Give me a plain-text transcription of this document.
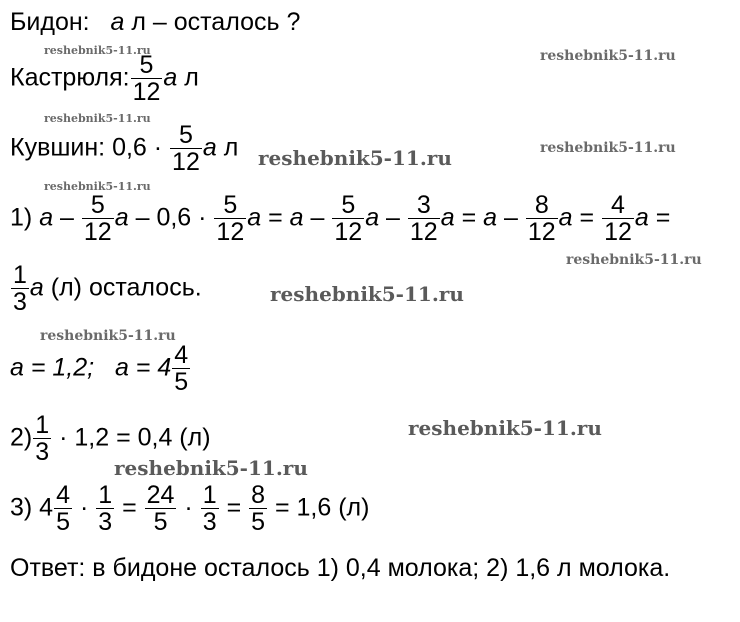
Бидон: a л – осталось ?
Кастрюля: $\frac{5}{12}$ a л
Кувшин: $0,6 \cdot \frac{5}{12}$ a л
1) a – $\frac{5}{12}$ $a - 0,6 \cdot \frac{5}{12}$ $a = a - \frac{5}{12}$ a – $\frac{3}{12}$ $a = a - \frac{8}{12}$ $a = \frac{4}{12}$ a =
$\frac{1}{3}$ a (л) осталось.
a = 1,2; $a = 4 \frac{4}{5}$
$2) \frac{1}{3} \cdot 1,2 = 0,4$ (л)
3) $4 \frac{4}{5} \cdot \frac{1}{3} = \frac{24}{5} \cdot \frac{1}{3} = \frac{8}{5} = 1,6$ (л)
Ответ: в бидоне осталось 1) 0,4 молока; 2) 1,6 л молока.
reshebnik5-11.ru	reshebnik5-11.ru
reshebnik5-11.ru
reshebnik5-11.ru	reshebnik5-11.ru
reshebnik5-11.ru
reshebnik5-11.ru
reshebnik5-11.ru
reshebnik5-11.ru
reshebnik5-11.ru
reshebnik5-11.ru
